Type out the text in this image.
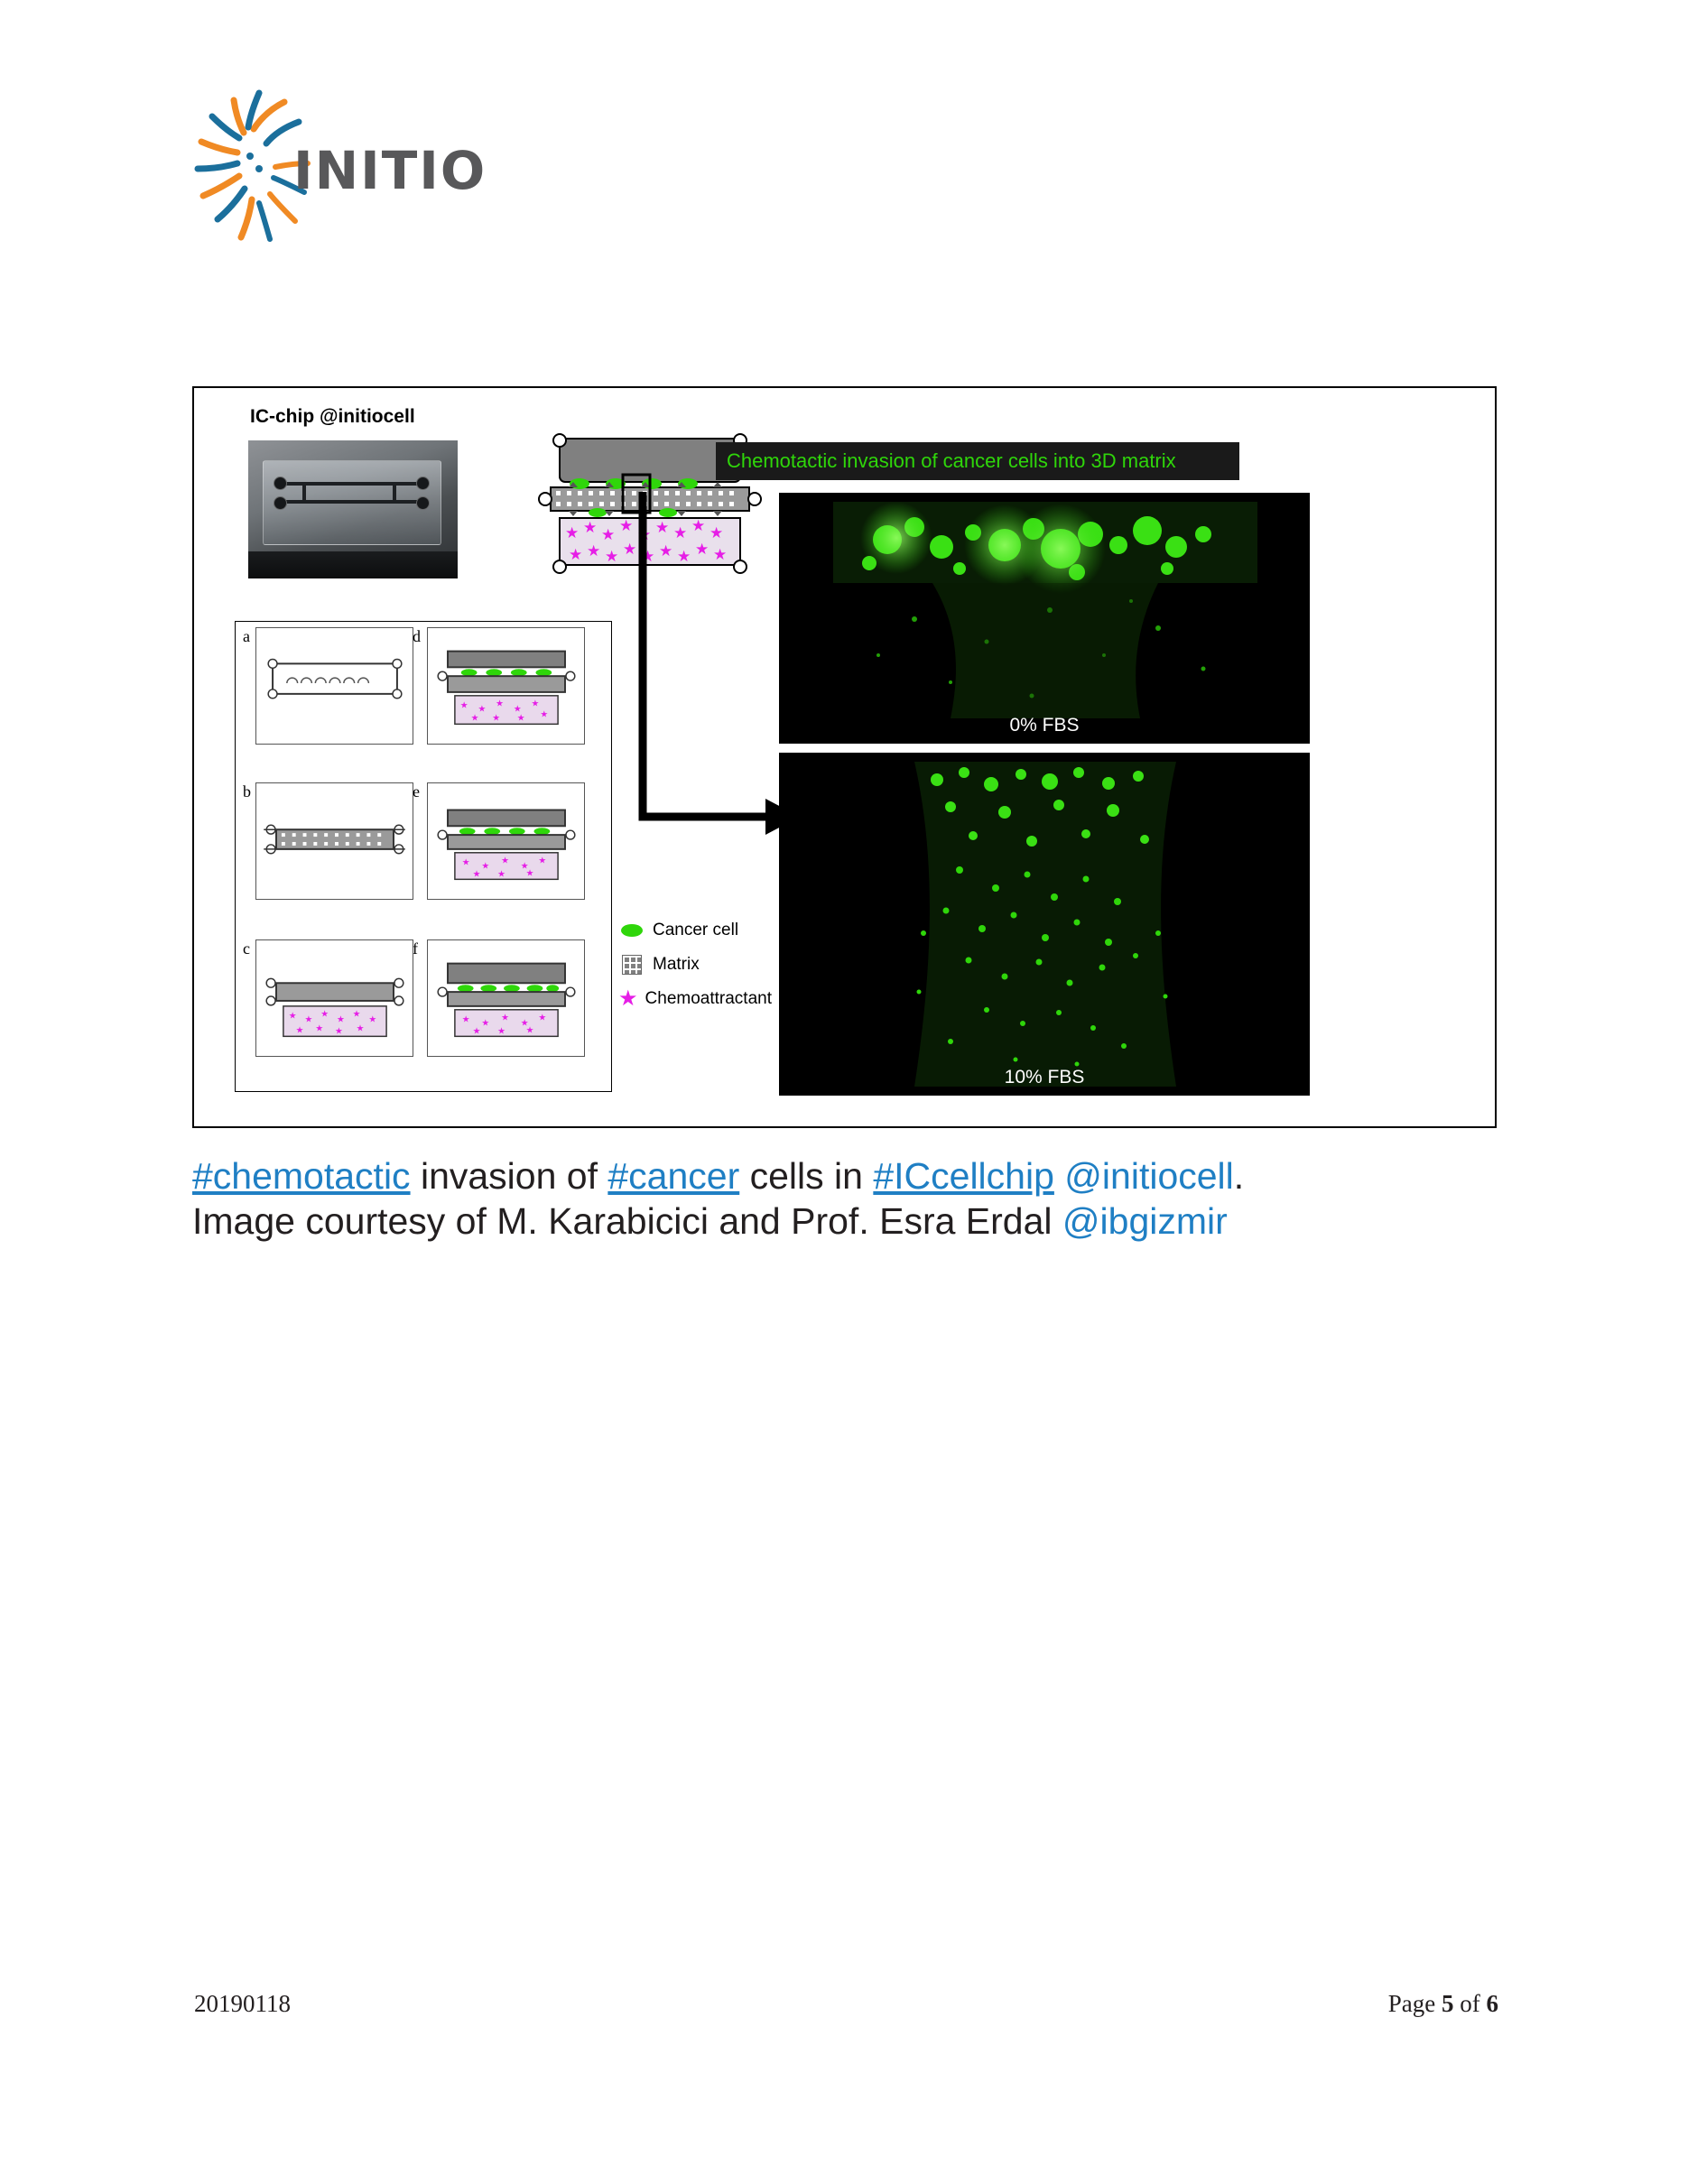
INITIO
IC-chip @initiocell
★ ★ ★ ★ ★ ★ ★ ★ ★
★ ★ ★ ★ ★ ★ ★ ★ ★
Chemotactic invasion of cancer cells into 3D matrix
0% FBS
10% FBS
a
b
c
★ ★
★
★
★
★
★ ★ ★ ★
d
★ ★
★
★
★
★ ★ ★ ★
e
★ ★
★
★
★
★ ★ ★
f
★ ★
★
★
★
★ ★ ★
Cancer cell
Matrix
★ Chemoattractant
#chemotactic invasion of #cancer cells in #ICcellchip @initiocell.
Image courtesy of M. Karabicici and Prof. Esra Erdal @ibgizmir
20190118	Page 5 of 6
